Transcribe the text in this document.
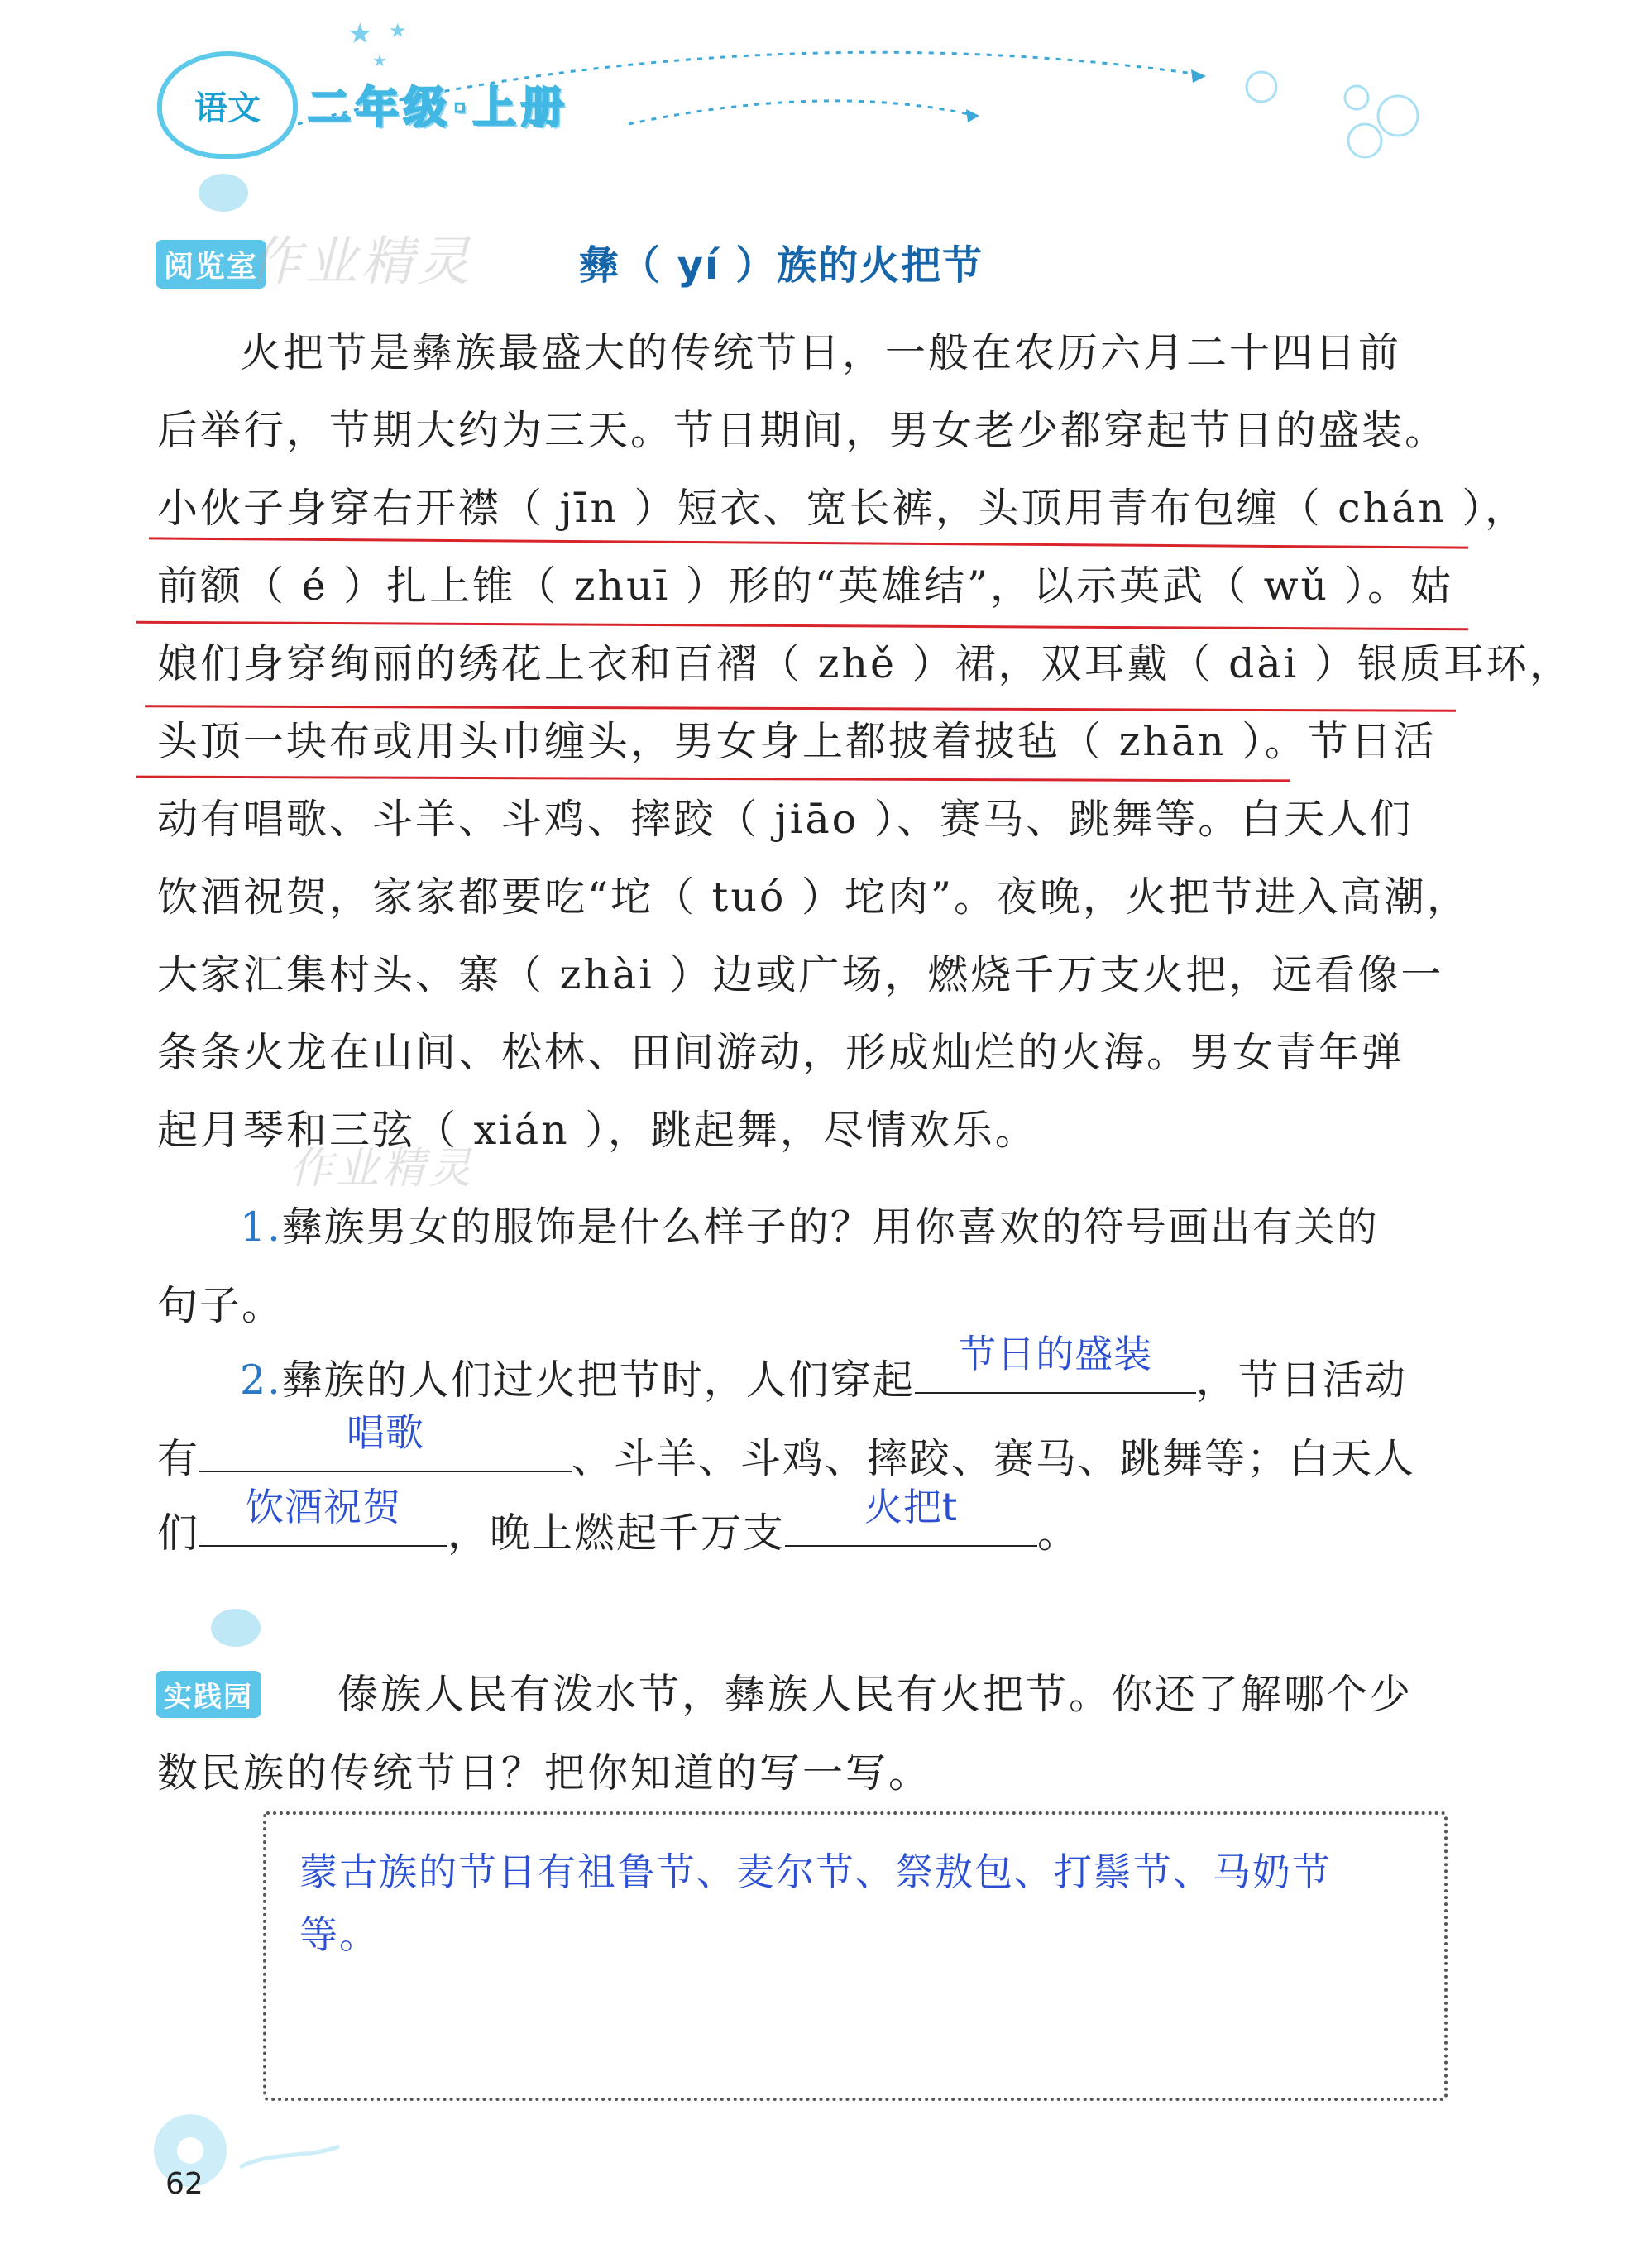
★ ★
★
语文	二年级·上册
阅览室
作业精灵	彝（ yí ）族的火把节
火把节是彝族最盛大的传统节日，一般在农历六月二十四日前
后举行，节期大约为三天。节日期间，男女老少都穿起节日的盛装。
小伙子身穿右开襟（ jīn ）短衣、宽长裤，头顶用青布包缠（ chán ），
前额（ é ）扎上锥（ zhuī ）形的“英雄结”，以示英武（ wǔ ）。姑
娘们身穿绚丽的绣花上衣和百褶（ zhě ）裙，双耳戴（ dài ）银质耳环，
头顶一块布或用头巾缠头，男女身上都披着披毡（ zhān ）。节日活
动有唱歌、斗羊、斗鸡、摔跤（ jiāo ）、赛马、跳舞等。白天人们
饮酒祝贺，家家都要吃“坨（ tuó ）坨肉”。夜晚，火把节进入高潮，
大家汇集村头、寨（ zhài ）边或广场，燃烧千万支火把，远看像一
条条火龙在山间、松林、田间游动，形成灿烂的火海。男女青年弹
起月琴和三弦（ xián ），跳起舞，尽情欢乐。
作业精灵
1.彝族男女的服饰是什么样子的？用你喜欢的符号画出有关的
句子。
2.彝族的人们过火把节时，人们穿起
节日的盛装
，节日活动
有
唱歌
、斗羊、斗鸡、摔跤、赛马、跳舞等；白天人
们
饮酒祝贺
，晚上燃起千万支
火把t
。
实践园 傣族人民有泼水节，彝族人民有火把节。你还了解哪个少
数民族的传统节日？把你知道的写一写。
蒙古族的节日有祖鲁节、麦尔节、祭敖包、打鬃节、马奶节
等。
62
